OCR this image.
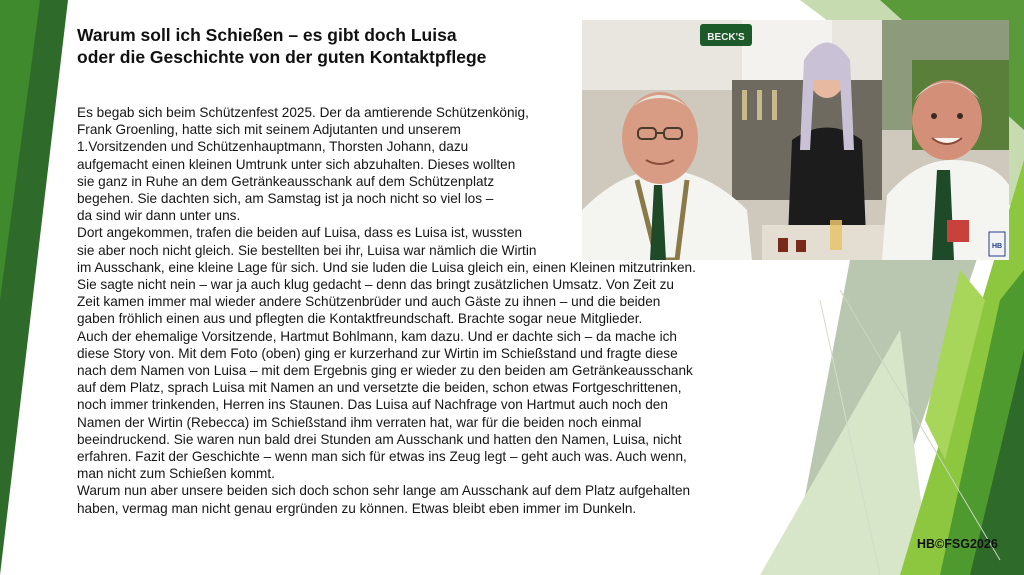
Warum soll ich Schießen – es gibt doch Luisa
oder die Geschichte von der guten Kontaktpflege
Es begab sich beim Schützenfest 2025. Der da amtierende Schützenkönig,
Frank Groenling, hatte sich mit seinem Adjutanten und unserem
1.Vorsitzenden und Schützenhauptmann, Thorsten Johann, dazu
aufgemacht einen kleinen Umtrunk unter sich abzuhalten. Dieses wollten
sie ganz in Ruhe an dem Getränkeausschank auf dem Schützenplatz
begehen. Sie dachten sich, am Samstag ist ja noch nicht so viel los –
da sind wir dann unter uns.
Dort angekommen, trafen die beiden auf Luisa, dass es Luisa ist, wussten
sie aber noch nicht gleich. Sie bestellten bei ihr, Luisa war nämlich die Wirtin
im Ausschank, eine kleine Lage für sich. Und sie luden die Luisa gleich ein, einen Kleinen mitzutrinken.
Sie sagte nicht nein – war ja auch klug gedacht – denn das bringt zusätzlichen Umsatz. Von Zeit zu
Zeit kamen immer mal wieder andere Schützenbrüder und auch Gäste zu ihnen – und die beiden
gaben fröhlich einen aus und pflegten die Kontaktfreundschaft. Brachte sogar neue Mitglieder.
Auch der ehemalige Vorsitzende, Hartmut Bohlmann, kam dazu. Und er dachte sich – da mache ich
diese Story von. Mit dem Foto (oben) ging er kurzerhand zur Wirtin im Schießstand und fragte diese
nach dem Namen von Luisa – mit dem Ergebnis ging er wieder zu den beiden am Getränkeausschank
auf dem Platz, sprach Luisa mit Namen an und versetzte die beiden, schon etwas Fortgeschrittenen,
noch immer trinkenden, Herren ins Staunen. Das Luisa auf Nachfrage von Hartmut auch noch den
Namen der Wirtin (Rebecca) im Schießstand ihm verraten hat, war für die beiden noch einmal
beeindruckend. Sie waren nun bald drei Stunden am Ausschank und hatten den Namen, Luisa, nicht
erfahren. Fazit der Geschichte – wenn man sich für etwas ins Zeug legt – geht auch was. Auch wenn,
man nicht zum Schießen kommt.
Warum nun aber unsere beiden sich doch schon sehr lange am Ausschank auf dem Platz aufgehalten
haben, vermag man nicht genau ergründen zu können. Etwas bleibt eben immer im Dunkeln.
BECK'S
HB
HB©FSG2026
